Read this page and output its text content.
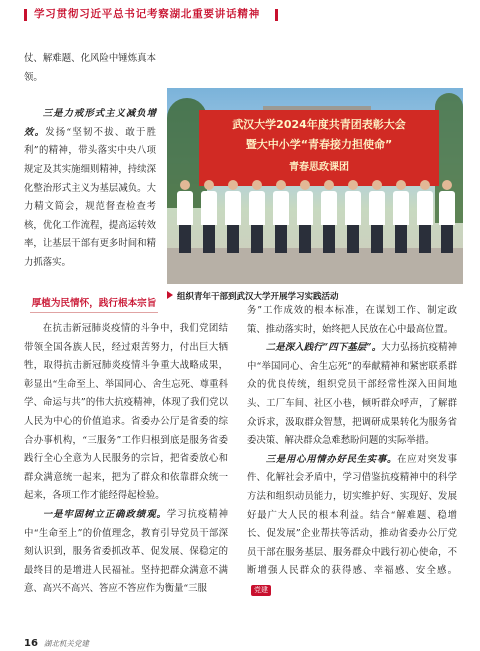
学习贯彻习近平总书记考察湖北重要讲话精神

仗、解难题、化风险中锤炼真本领。

三是力戒形式主义减负增效。发扬“坚韧不拔、敢于胜利”的精神，带头落实中央八项规定及其实施细则精神，持续深化整治形式主义为基层减负。大力精文简会，规范督查检查考核，优化工作流程，提高运转效率，让基层干部有更多时间和精力抓落实。

武汉大学2024年度共青团表彰大会
暨大中小学“青春接力担使命”
青春思政课团
组织青年干部到武汉大学开展学习实践活动
厚植为民情怀，践行根本宗旨

在抗击新冠肺炎疫情的斗争中，我们党团结带领全国各族人民，经过艰苦努力，付出巨大牺牲，取得抗击新冠肺炎疫情斗争重大战略成果，彰显出“生命至上、举国同心、舍生忘死、尊重科学、命运与共”的伟大抗疫精神，体现了我们党以人民为中心的价值追求。省委办公厅是省委的综合办事机构，“三服务”工作归根到底是服务省委践行全心全意为人民服务的宗旨，把省委放心和群众满意统一起来，把为了群众和依靠群众统一起来，各项工作才能经得起检验。

一是牢固树立正确政绩观。学习抗疫精神中“生命至上”的价值理念，教育引导党员干部深刻认识到，服务省委抓改革、促发展、保稳定的最终目的是增进人民福祉。坚持把群众满意不满意、高兴不高兴、答应不答应作为衡量“三服

务”工作成效的根本标准，在谋划工作、制定政策、推动落实时，始终把人民放在心中最高位置。

二是深入践行“四下基层”。大力弘扬抗疫精神中“举国同心、舍生忘死”的奉献精神和紧密联系群众的优良传统，组织党员干部经常性深入田间地头、工厂车间、社区小巷，倾听群众呼声，了解群众诉求，汲取群众智慧，把调研成果转化为服务省委决策、解决群众急难愁盼问题的实际举措。

三是用心用情办好民生实事。在应对突发事件、化解社会矛盾中，学习借鉴抗疫精神中的科学方法和组织动员能力，切实维护好、实现好、发展好最广大人民的根本利益。结合“解难题、稳增长、促发展”企业帮扶等活动，推动省委办公厅党员干部在服务基层、服务群众中践行初心使命，不断增强人民群众的获得感、幸福感、安全感。党建

16 湖北机关党建
